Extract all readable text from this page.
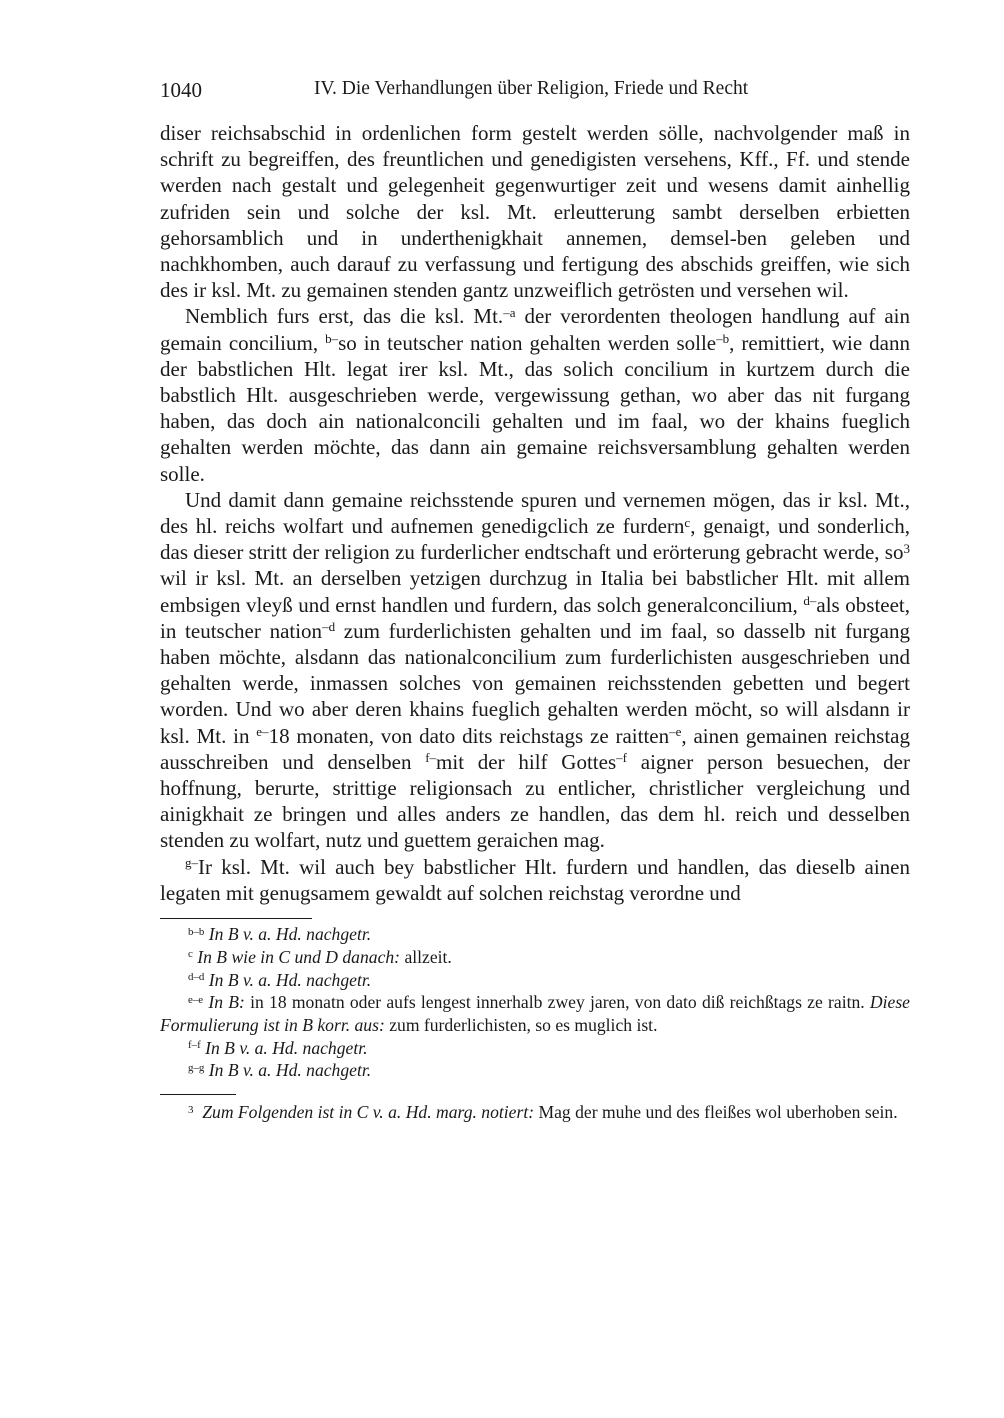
1040	IV. Die Verhandlungen über Religion, Friede und Recht

diser reichsabschid in ordenlichen form gestelt werden sölle, nachvolgender maß in schrift zu begreiffen, des freuntlichen und genedigisten versehens, Kff., Ff. und stende werden nach gestalt und gelegenheit gegenwurtiger zeit und wesens damit ainhellig zufriden sein und solche der ksl. Mt. erleutterung sambt derselben erbietten gehorsamblich und in underthenigkhait annemen, demsel-ben geleben und nachkhomben, auch darauf zu verfassung und fertigung des abschids greiffen, wie sich des ir ksl. Mt. zu gemainen stenden gantz unzweiflich getrösten und versehen wil.

Nemblich furs erst, das die ksl. Mt.$^{-a}$ der verordenten theologen handlung auf ain gemain concilium, $^{b-}$so in teutscher nation gehalten werden solle$^{-b}$, remittiert, wie dann der babstlichen Hlt. legat irer ksl. Mt., das solich concilium in kurtzem durch die babstlich Hlt. ausgeschrieben werde, vergewissung gethan, wo aber das nit furgang haben, das doch ain nationalconcili gehalten und im faal, wo der khains fueglich gehalten werden möchte, das dann ain gemaine reichsversamblung gehalten werden solle.

Und damit dann gemaine reichsstende spuren und vernemen mögen, das ir ksl. Mt., des hl. reichs wolfart und aufnemen genedigclich ze furdern$^c$, genaigt, und sonderlich, das dieser stritt der religion zu furderlicher endtschaft und erörterung gebracht werde, $so^3$ wil ir ksl. Mt. an derselben yetzigen durchzug in Italia bei babstlicher Hlt. mit allem embsigen vleyß und ernst handlen und furdern, das solch generalconcilium, $^{d-}$als obsteet, in teutscher nation$^{-d}$ zum furderlichisten gehalten und im faal, so dasselb nit furgang haben möchte, alsdann das nationalconcilium zum furderlichisten ausgeschrieben und gehalten werde, inmassen solches von gemainen reichsstenden gebetten und begert worden. Und wo aber deren khains fueglich gehalten werden möcht, so will alsdann ir ksl. Mt. in $^{e-}$18 monaten, von dato dits reichstags ze raitten$^{-e}$, ainen gemainen reichstag ausschreiben und denselben $^{f-}$mit der hilf Gottes$^{-f}$ aigner person besuechen, der hoffnung, berurte, strittige religionsach zu entlicher, christlicher vergleichung und ainigkhait ze bringen und alles anders ze handlen, das dem hl. reich und desselben stenden zu wolfart, nutz und guettem geraichen mag.

$^{g-}$Ir ksl. Mt. wil auch bey babstlicher Hlt. furdern und handlen, das dieselb ainen legaten mit genugsamem gewaldt auf solchen reichstag verordne und

$^{b-b}$ In B v. a. Hd. nachgetr.

$^c$ In B wie in C und D danach: allzeit.

$^{d-d}$ In B v. a. Hd. nachgetr.

$^{e-e}$ In B: in 18 monatn oder aufs lengest innerhalb zwey jaren, von dato diß reichßtags ze raitn. Diese Formulierung ist in B korr. aus: zum furderlichisten, so es muglich ist.

$^{f-f}$ In B v. a. Hd. nachgetr.

$^{g-g}$ In B v. a. Hd. nachgetr.

$^3$ Zum Folgenden ist in C v. a. Hd. marg. notiert: Mag der muhe und des fleißes wol uberhoben sein.
